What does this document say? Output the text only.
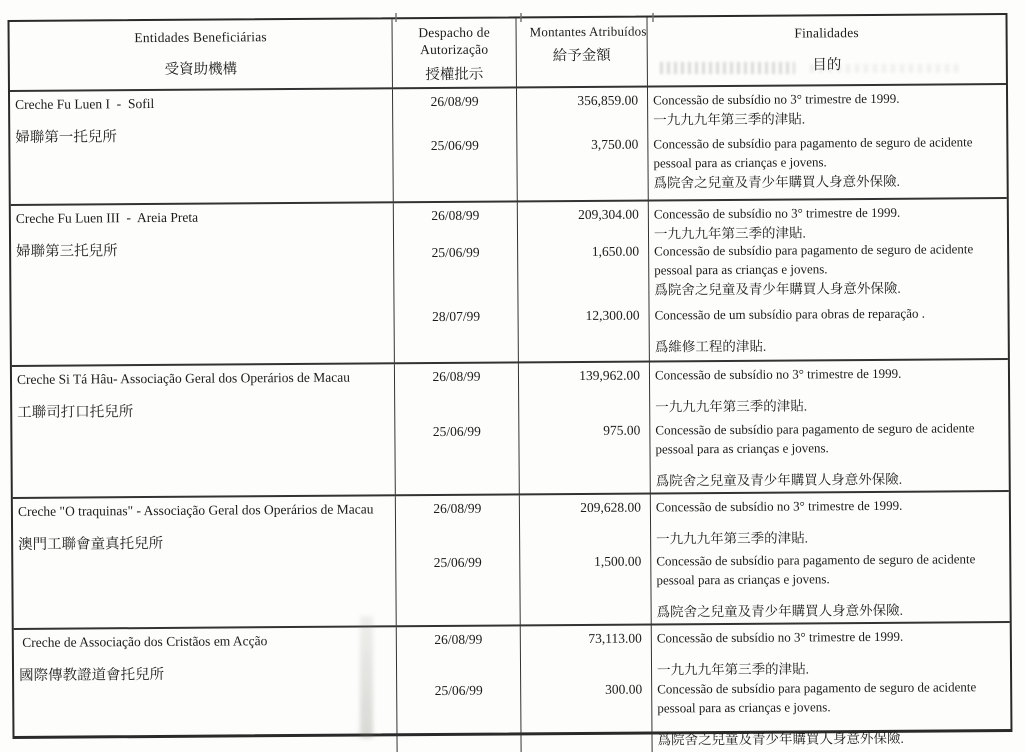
Entidades Beneficiárias
受資助機構
Despacho de Autorização
授權批示
Montantes Atribuídos
給予金額
Finalidades
目的
Creche Fu Luen I  -  Sofil
婦聯第一托兒所
26/08/99
25/06/99
356,859.00
3,750.00
Concessão de subsídio no 3° trimestre de 1999.
一九九九年第三季的津貼.
Concessão de subsídio para pagamento de seguro de acidente pessoal para as crianças e jovens.
爲院舍之兒童及青少年購買人身意外保險.
Creche Fu Luen III  -  Areia Preta
婦聯第三托兒所
26/08/99
25/06/99
28/07/99
209,304.00
1,650.00
12,300.00
Concessão de subsídio no 3° trimestre de 1999.
一九九九年第三季的津貼.
Concessão de subsídio para pagamento de seguro de acidente pessoal para as crianças e jovens.
爲院舍之兒童及青少年購買人身意外保險.
Concessão de um subsídio para obras de reparação .
爲維修工程的津貼.
Creche Si Tá Hâu- Associação Geral dos Operários de Macau
工聯司打口托兒所
26/08/99
25/06/99
139,962.00
975.00
Concessão de subsídio no 3° trimestre de 1999.
一九九九年第三季的津貼.
Concessão de subsídio para pagamento de seguro de acidente pessoal para as crianças e jovens.
爲院舍之兒童及青少年購買人身意外保險.
Creche "O traquinas" - Associação Geral dos Operários de Macau
澳門工聯會童真托兒所
26/08/99
25/06/99
209,628.00
1,500.00
Concessão de subsídio no 3° trimestre de 1999.
一九九九年第三季的津貼.
Concessão de subsídio para pagamento de seguro de acidente pessoal para as crianças e jovens.
爲院舍之兒童及青少年購買人身意外保險.
Creche de Associação dos Cristãos em Acção
國際傳教證道會托兒所
26/08/99
25/06/99
73,113.00
300.00
Concessão de subsídio no 3° trimestre de 1999.
一九九九年第三季的津貼.
Concessão de subsídio para pagamento de seguro de acidente pessoal para as crianças e jovens.
爲院舍之兒童及青少年購買人身意外保險.
